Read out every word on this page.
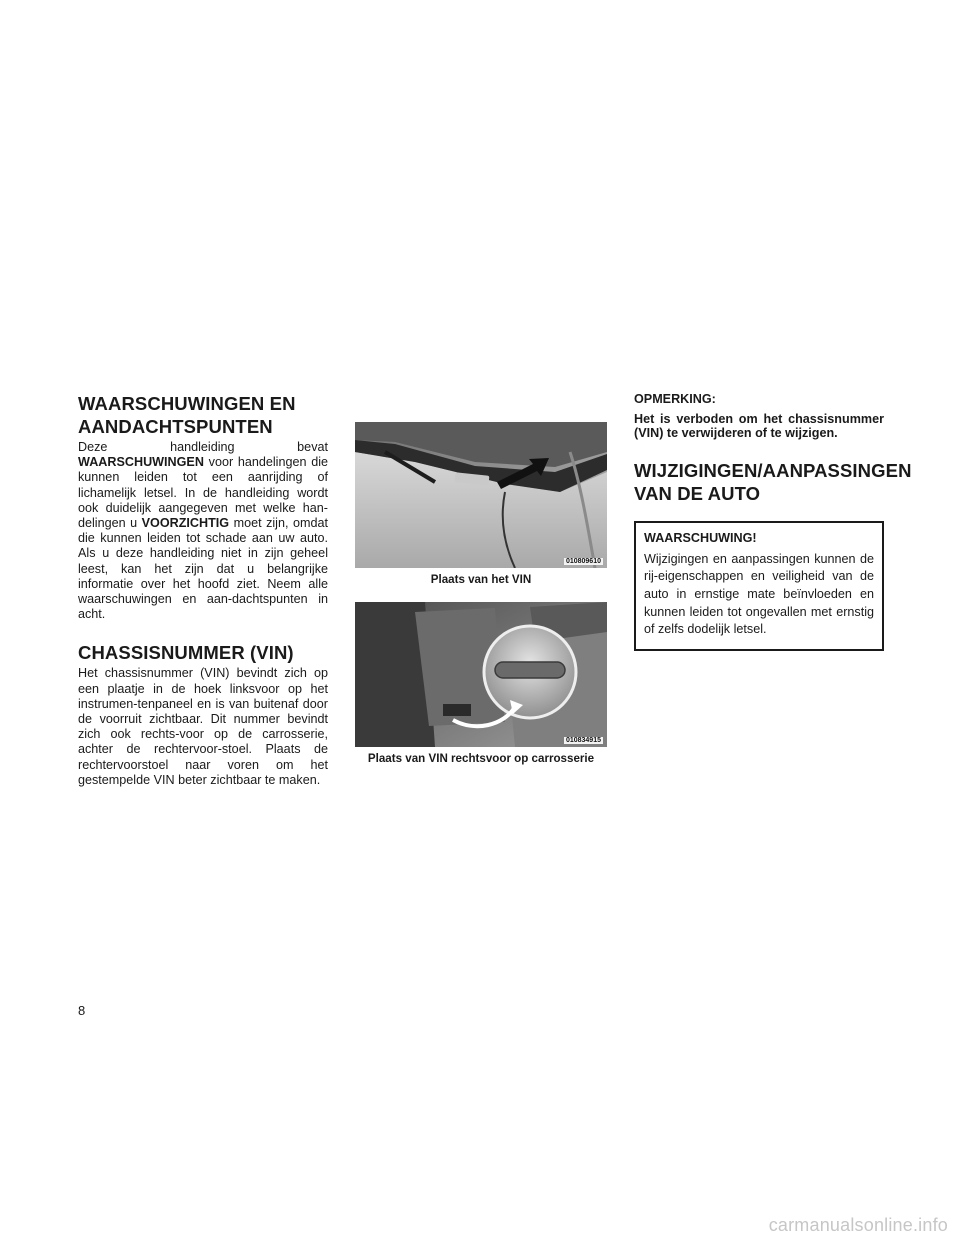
WAARSCHUWINGEN EN
AANDACHTSPUNTEN

Deze handleiding bevat WAARSCHUWINGEN voor handelingen die kunnen leiden tot een aanrijding of lichamelijk letsel. In de handleiding wordt ook duidelijk aangegeven met welke han-delingen u VOORZICHTIG moet zijn, omdat die kunnen leiden tot schade aan uw auto. Als u deze handleiding niet in zijn geheel leest, kan het zijn dat u belangrijke informatie over het hoofd ziet. Neem alle waarschuwingen en aan-dachtspunten in acht.

CHASSISNUMMER (VIN)

Het chassisnummer (VIN) bevindt zich op een plaatje in de hoek linksvoor op het instrumen-tenpaneel en is van buitenaf door de voorruit zichtbaar. Dit nummer bevindt zich ook rechts-voor op de carrosserie, achter de rechtervoor-stoel. Plaats de rechtervoorstoel naar voren om het gestempelde VIN beter zichtbaar te maken.

010809610
Plaats van het VIN
010834915
Plaats van VIN rechtsvoor op carrosserie

OPMERKING:

Het is verboden om het chassisnummer (VIN) te verwijderen of te wijzigen.

WIJZIGINGEN/AANPASSINGEN
VAN DE AUTO

WAARSCHUWING!

Wijzigingen en aanpassingen kunnen de rij-eigenschappen en veiligheid van de auto in ernstige mate beïnvloeden en kunnen leiden tot ongevallen met ernstig of zelfs dodelijk letsel.

8
carmanualsonline.info
